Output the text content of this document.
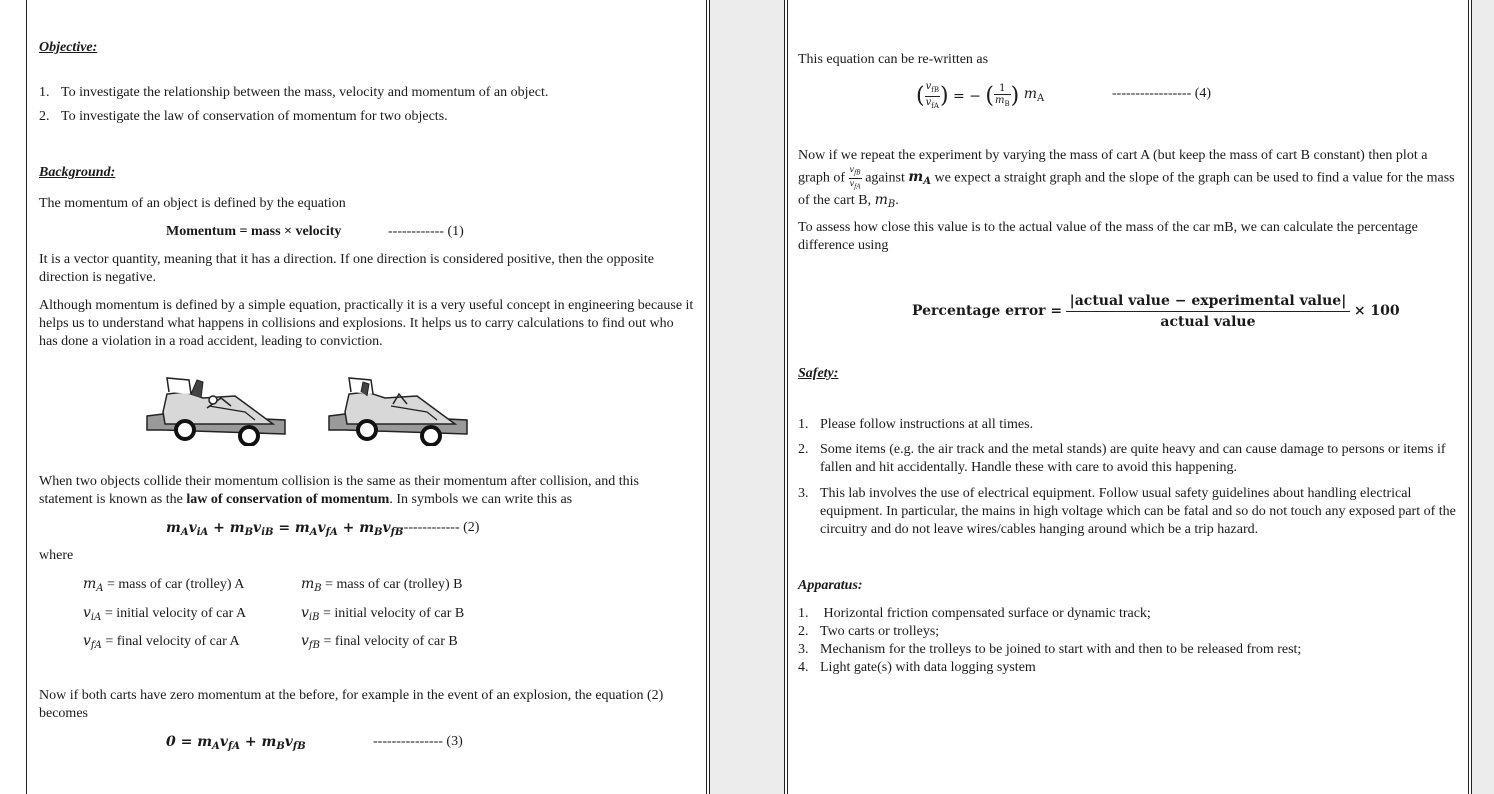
Objective:
1. To investigate the relationship between the mass, velocity and momentum of an object.
2. To investigate the law of conservation of momentum for two objects.
Background:
The momentum of an object is defined by the equation
Momentum = mass × velocity	------------ (1)
It is a vector quantity, meaning that it has a direction. If one direction is considered positive, then the opposite direction is negative.
Although momentum is defined by a simple equation, practically it is a very useful concept in engineering because it helps us to understand what happens in collisions and explosions. It helps us to carry calculations to find out who has done a violation in a road accident, leading to conviction.
When two objects collide their momentum collision is the same as their momentum after collision, and this statement is known as the law of conservation of momentum. In symbols we can write this as
$m_Av_{iA} + m_Bv_{iB} = m_Av_{fA} + m_Bv_{fB}$
------------- (2)
where
$m_A$ = mass of car (trolley) A	$m_B$ = mass of car (trolley) B
$v_{iA}$ = initial velocity of car A	$v_{iB}$ = initial velocity of car B
$v_{fA}$ = final velocity of car A	$v_{fB}$ = final velocity of car B
Now if both carts have zero momentum at the before, for example in the event of an explosion, the equation (2) becomes
$0 = m_Av_{fA} + m_Bv_{fB}$	--------------- (3)
This equation can be re-written as
( $\frac{v_{fB}}{v_{fA}}$ ) = − ( $\frac{1}{m_B}$ ) $m_A$	----------------- (4)
Now if we repeat the experiment by varying the mass of cart A (but keep the mass of cart B constant) then plot a graph of $\frac{v_{fB}}{v_{fA}}$ against $m_A$ we expect a straight graph and the slope of the graph can be used to find a value for the mass of the cart B, $m_B$.
To assess how close this value is to the actual value of the mass of the car mB, we can calculate the percentage difference using
Percentage error =
|actual value − experimental value|
actual value
× 100
Safety:
1. Please follow instructions at all times.
2. Some items (e.g. the air track and the metal stands) are quite heavy and can cause damage to persons or items if fallen and hit accidentally. Handle these with care to avoid this happening.
3. This lab involves the use of electrical equipment. Follow usual safety guidelines about handling electrical equipment. In particular, the mains in high voltage which can be fatal and so do not touch any exposed part of the circuitry and do not leave wires/cables hanging around which be a trip hazard.
Apparatus:
1. Horizontal friction compensated surface or dynamic track;
2. Two carts or trolleys;
3. Mechanism for the trolleys to be joined to start with and then to be released from rest;
4. Light gate(s) with data logging system
